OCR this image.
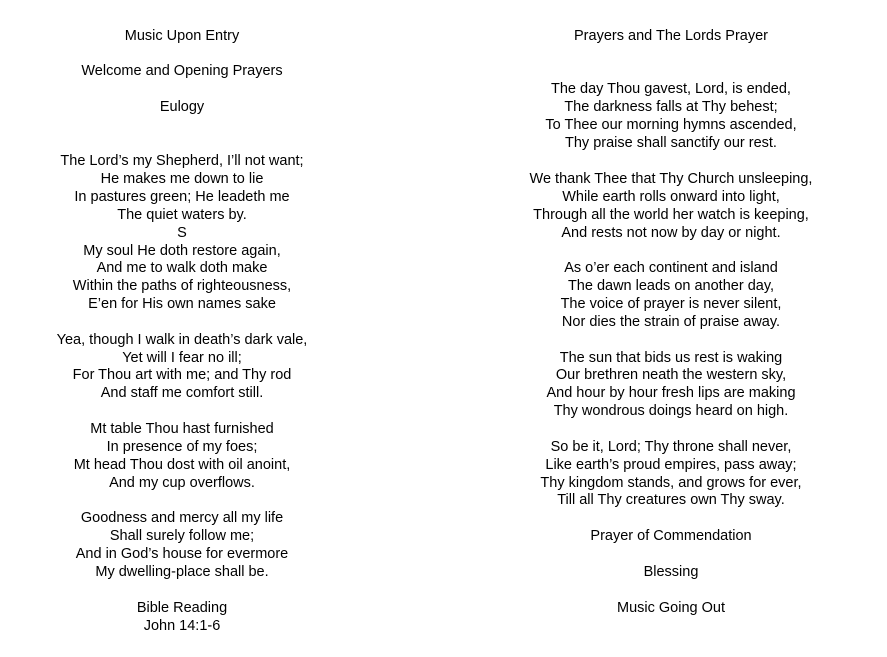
Music Upon Entry
Welcome and Opening Prayers
Eulogy
The Lord’s my Shepherd, I’ll not want;
He makes me down to lie
In pastures green; He leadeth me
The quiet waters by.
S
My soul He doth restore again,
And me to walk doth make
Within the paths of righteousness,
E’en for His own names sake
Yea, though I walk in death’s dark vale,
Yet will I fear no ill;
For Thou art with me; and Thy rod
And staff me comfort still.
Mt table Thou hast furnished
In presence of my foes;
Mt head Thou dost with oil anoint,
And my cup overflows.
Goodness and mercy all my life
Shall surely follow me;
And in God’s house for evermore
My dwelling-place shall be.
Bible Reading
John 14:1-6
Prayers and The Lords Prayer
The day Thou gavest, Lord, is ended,
The darkness falls at Thy behest;
To Thee our morning hymns ascended,
Thy praise shall sanctify our rest.
We thank Thee that Thy Church unsleeping,
While earth rolls onward into light,
Through all the world her watch is keeping,
And rests not now by day or night.
As o’er each continent and island
The dawn leads on another day,
The voice of prayer is never silent,
Nor dies the strain of praise away.
The sun that bids us rest is waking
Our brethren neath the western sky,
And hour by hour fresh lips are making
Thy wondrous doings heard on high.
So be it, Lord; Thy throne shall never,
Like earth’s proud empires, pass away;
Thy kingdom stands, and grows for ever,
Till all Thy creatures own Thy sway.
Prayer of Commendation
Blessing
Music Going Out
